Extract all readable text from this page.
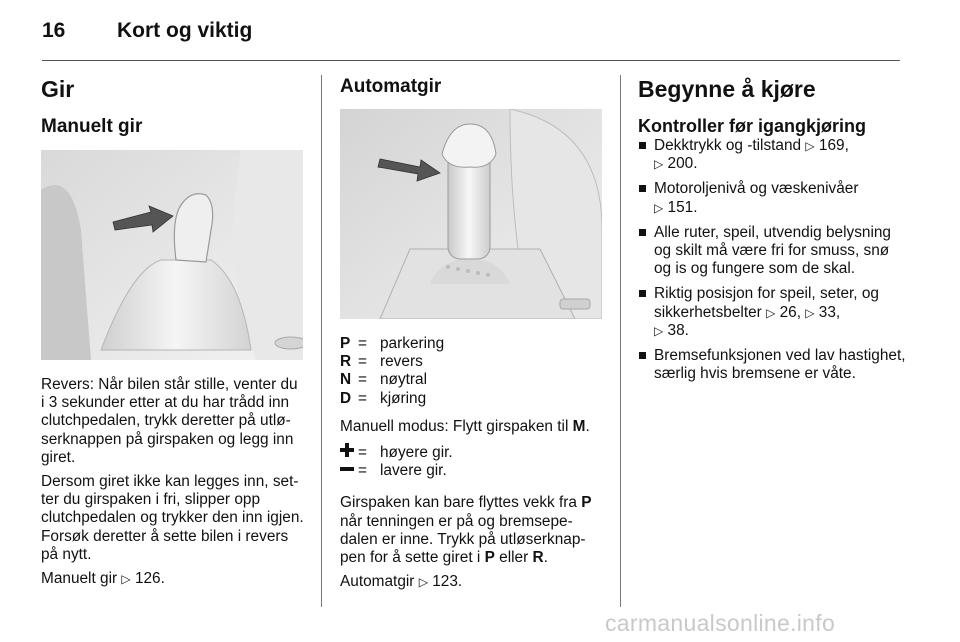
16 Kort og viktig
Gir
Manuelt gir

Revers: Når bilen står stille, venter du i 3 sekunder etter at du har trådd inn clutchpedalen, trykk deretter på utløserknappen på girspaken og legg inn giret.

Dersom giret ikke kan legges inn, setter du girspaken i fri, slipper opp clutchpedalen og trykker den inn igjen. Forsøk deretter å sette bilen i revers på nytt.

Manuelt gir ▷ 126.

Automatgir
P = parkering
R = revers
N = nøytral
D = kjøring

Manuell modus: Flytt girspaken til M.

= høyere gir.
= lavere gir.

Girspaken kan bare flyttes vekk fra P når tenningen er på og bremsepedalen er inne. Trykk på utløserknappen for å sette giret i P eller R.

Automatgir ▷ 123.

Begynne å kjøre
Kontroller før igangkjøring
Dekktrykk og -tilstand ▷ 169,
▷ 200.
Motoroljenivå og væskenivåer
▷ 151.
Alle ruter, speil, utvendig belysning og skilt må være fri for smuss, snø og is og fungere som de skal.
Riktig posisjon for speil, seter, og sikkerhetsbelter ▷ 26, ▷ 33,
▷ 38.
Bremsefunksjonen ved lav hastighet, særlig hvis bremsene er våte.
carmanualsonline.info
